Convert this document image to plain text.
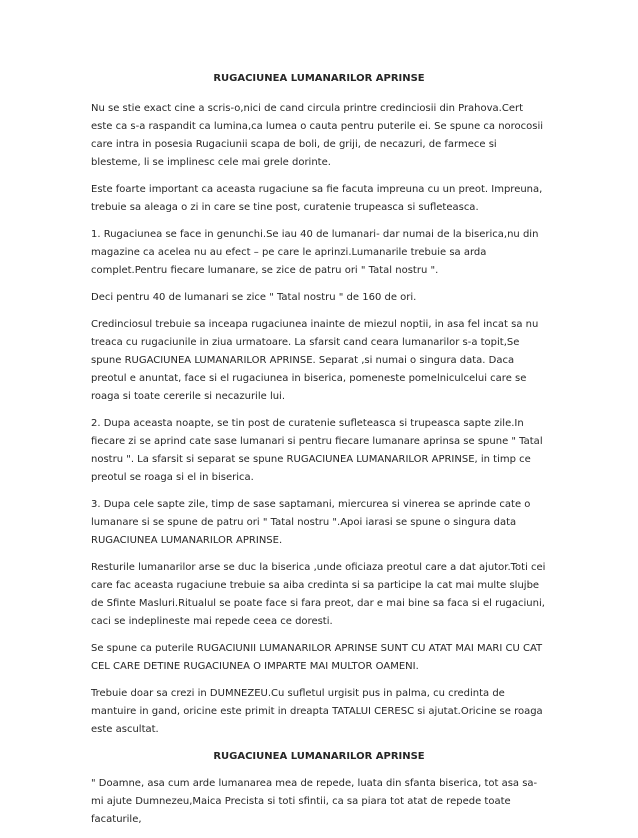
RUGACIUNEA LUMANARILOR APRINSE

Nu se stie exact cine a scris-o,nici de cand circula printre credinciosii din Prahova.Cert este ca s-a raspandit ca lumina,ca lumea o cauta pentru puterile ei. Se spune ca norocosii care intra in posesia Rugaciunii scapa de boli, de griji, de necazuri, de farmece si blesteme, li se implinesc cele mai grele dorinte.

Este foarte important ca aceasta rugaciune sa fie facuta impreuna cu un preot. Impreuna, trebuie sa aleaga o zi in care se tine post, curatenie trupeasca si sufleteasca.

1. Rugaciunea se face in genunchi.Se iau 40 de lumanari- dar numai de la biserica,nu din magazine ca acelea nu au efect – pe care le aprinzi.Lumanarile trebuie sa arda complet.Pentru fiecare lumanare, se zice de patru ori " Tatal nostru ".

Deci pentru 40 de lumanari se zice " Tatal nostru " de 160 de ori.

Credinciosul trebuie sa inceapa rugaciunea inainte de miezul noptii, in asa fel incat sa nu treaca cu rugaciunile in ziua urmatoare. La sfarsit cand ceara lumanarilor s-a topit,Se spune RUGACIUNEA LUMANARILOR APRINSE. Separat ,si numai o singura data. Daca preotul e anuntat, face si el rugaciunea in biserica, pomeneste pomelniculcelui care se roaga si toate cererile si necazurile lui.

2. Dupa aceasta noapte, se tin post de curatenie sufleteasca si trupeasca sapte zile.In fiecare zi se aprind cate sase lumanari si pentru fiecare lumanare aprinsa se spune " Tatal nostru ". La sfarsit si separat se spune RUGACIUNEA LUMANARILOR APRINSE, in timp ce preotul se roaga si el in biserica.

3. Dupa cele sapte zile, timp de sase saptamani, miercurea si vinerea se aprinde cate o lumanare si se spune de patru ori " Tatal nostru ".Apoi iarasi se spune o singura data RUGACIUNEA LUMANARILOR APRINSE.

Resturile lumanarilor arse se duc la biserica ,unde oficiaza preotul care a dat ajutor.Toti cei care fac aceasta rugaciune trebuie sa aiba credinta si sa participe la cat mai multe slujbe de Sfinte Masluri.Ritualul se poate face si fara preot, dar e mai bine sa faca si el rugaciuni, caci se indeplineste mai repede ceea ce doresti.

Se spune ca puterile RUGACIUNII LUMANARILOR APRINSE SUNT CU ATAT MAI MARI CU CAT CEL CARE DETINE RUGACIUNEA O IMPARTE MAI MULTOR OAMENI.

Trebuie doar sa crezi in DUMNEZEU.Cu sufletul urgisit pus in palma, cu credinta de mantuire in gand, oricine este primit in dreapta TATALUI CERESC si ajutat.Oricine se roaga este ascultat.

RUGACIUNEA LUMANARILOR APRINSE

" Doamne, asa cum arde lumanarea mea de repede, luata din sfanta biserica, tot asa sa-mi ajute Dumnezeu,Maica Precista si toti sfintii, ca sa piara tot atat de repede toate facaturile,
